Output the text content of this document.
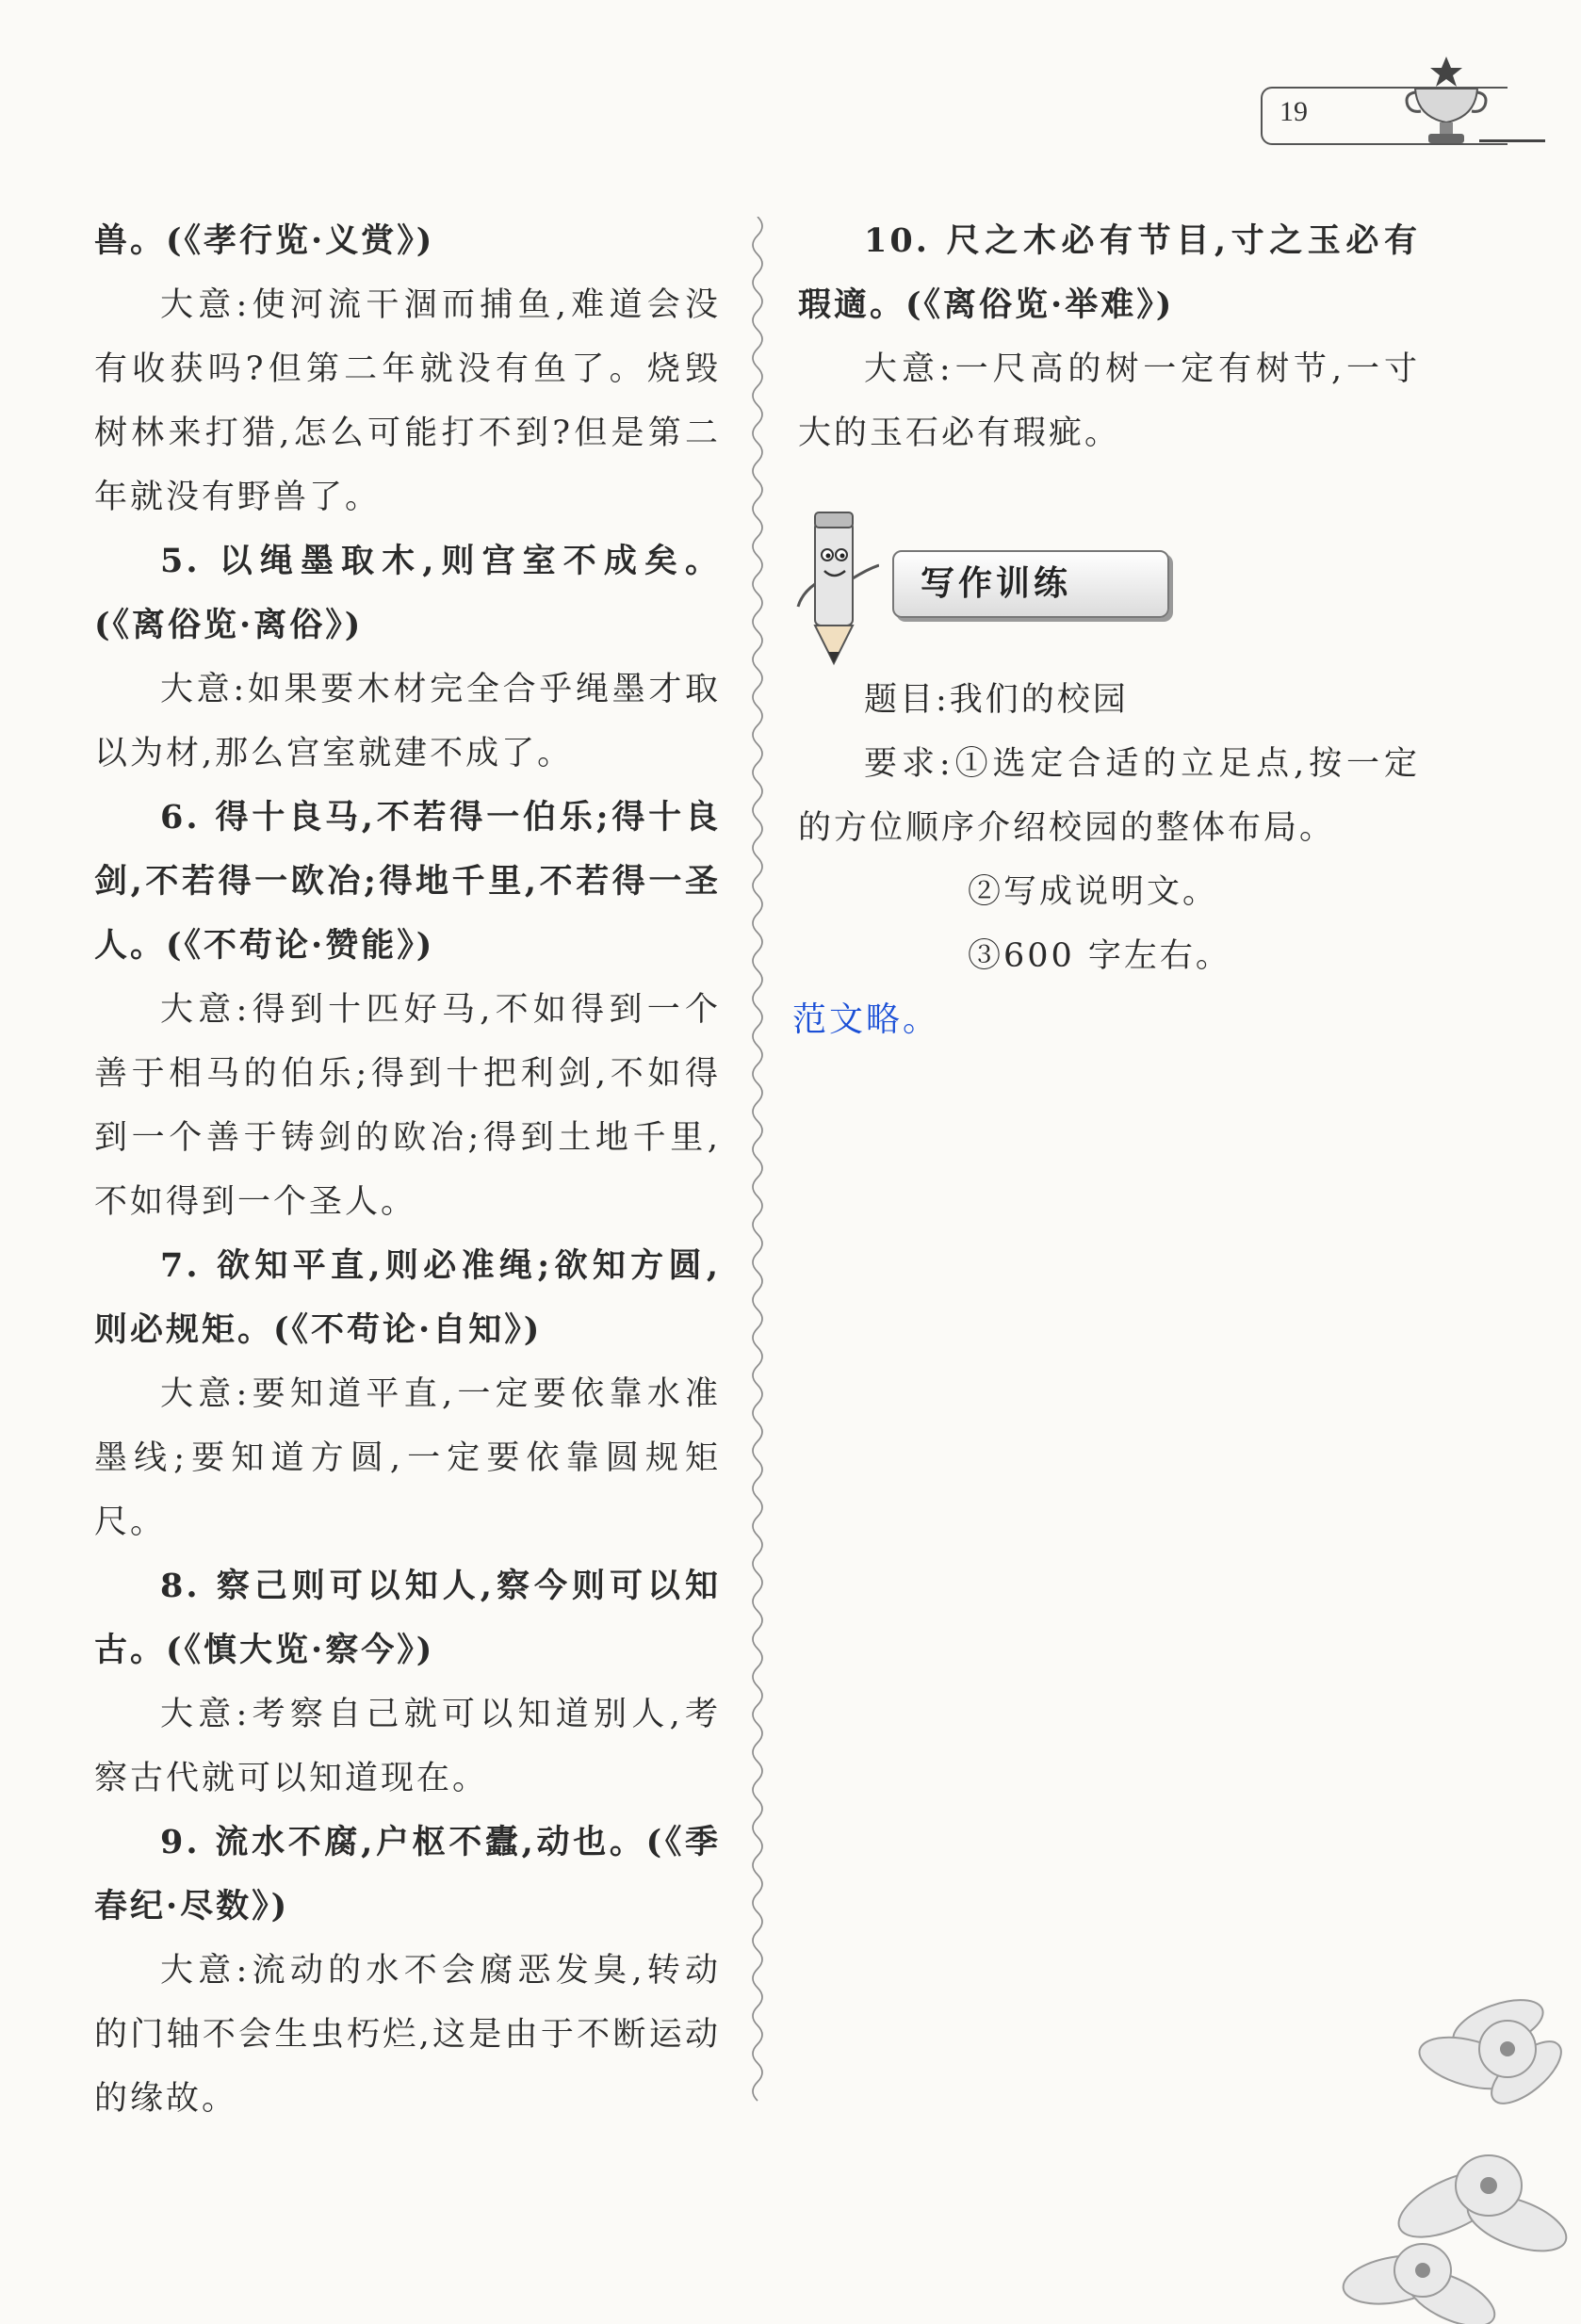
19

兽。(《孝行览·义赏》)

大意:使河流干涸而捕鱼,难道会没有收获吗?但第二年就没有鱼了。烧毁树林来打猎,怎么可能打不到?但是第二年就没有野兽了。

5. 以绳墨取木,则宫室不成矣。(《离俗览·离俗》)

大意:如果要木材完全合乎绳墨才取以为材,那么宫室就建不成了。

6. 得十良马,不若得一伯乐;得十良剑,不若得一欧冶;得地千里,不若得一圣人。(《不苟论·赞能》)

大意:得到十匹好马,不如得到一个善于相马的伯乐;得到十把利剑,不如得到一个善于铸剑的欧冶;得到土地千里,不如得到一个圣人。

7. 欲知平直,则必准绳;欲知方圆,则必规矩。(《不苟论·自知》)

大意:要知道平直,一定要依靠水准墨线;要知道方圆,一定要依靠圆规矩尺。

8. 察己则可以知人,察今则可以知古。(《慎大览·察今》)

大意:考察自己就可以知道别人,考察古代就可以知道现在。

9. 流水不腐,户枢不蠹,动也。(《季春纪·尽数》)

大意:流动的水不会腐恶发臭,转动的门轴不会生虫朽烂,这是由于不断运动的缘故。

10. 尺之木必有节目,寸之玉必有瑕適。(《离俗览·举难》)

大意:一尺高的树一定有树节,一寸大的玉石必有瑕疵。

写作训练

题目:我们的校园

要求:①选定合适的立足点,按一定的方位顺序介绍校园的整体布局。

②写成说明文。

③600 字左右。

范文略。
